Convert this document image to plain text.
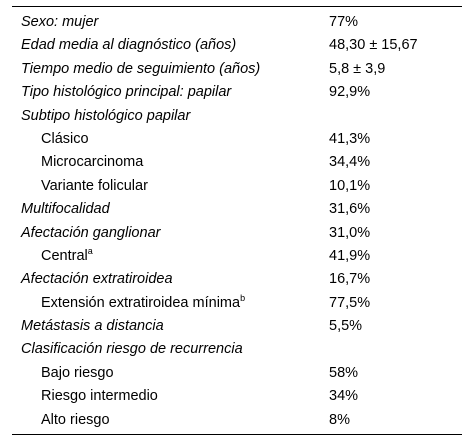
Sexo: mujer	77%
Edad media al diagnóstico (años)	48,30 ± 15,67
Tiempo medio de seguimiento (años)	5,8 ± 3,9
Tipo histológico principal: papilar	92,9%
Subtipo histológico papilar
Clásico	41,3%
Microcarcinoma	34,4%
Variante folicular	10,1%
Multifocalidad	31,6%
Afectación ganglionar	31,0%
Central$^a$	41,9%
Afectación extratiroidea	16,7%
Extensión extratiroidea mínima$^b$	77,5%
Metástasis a distancia	5,5%
Clasificación riesgo de recurrencia
Bajo riesgo	58%
Riesgo intermedio	34%
Alto riesgo	8%
